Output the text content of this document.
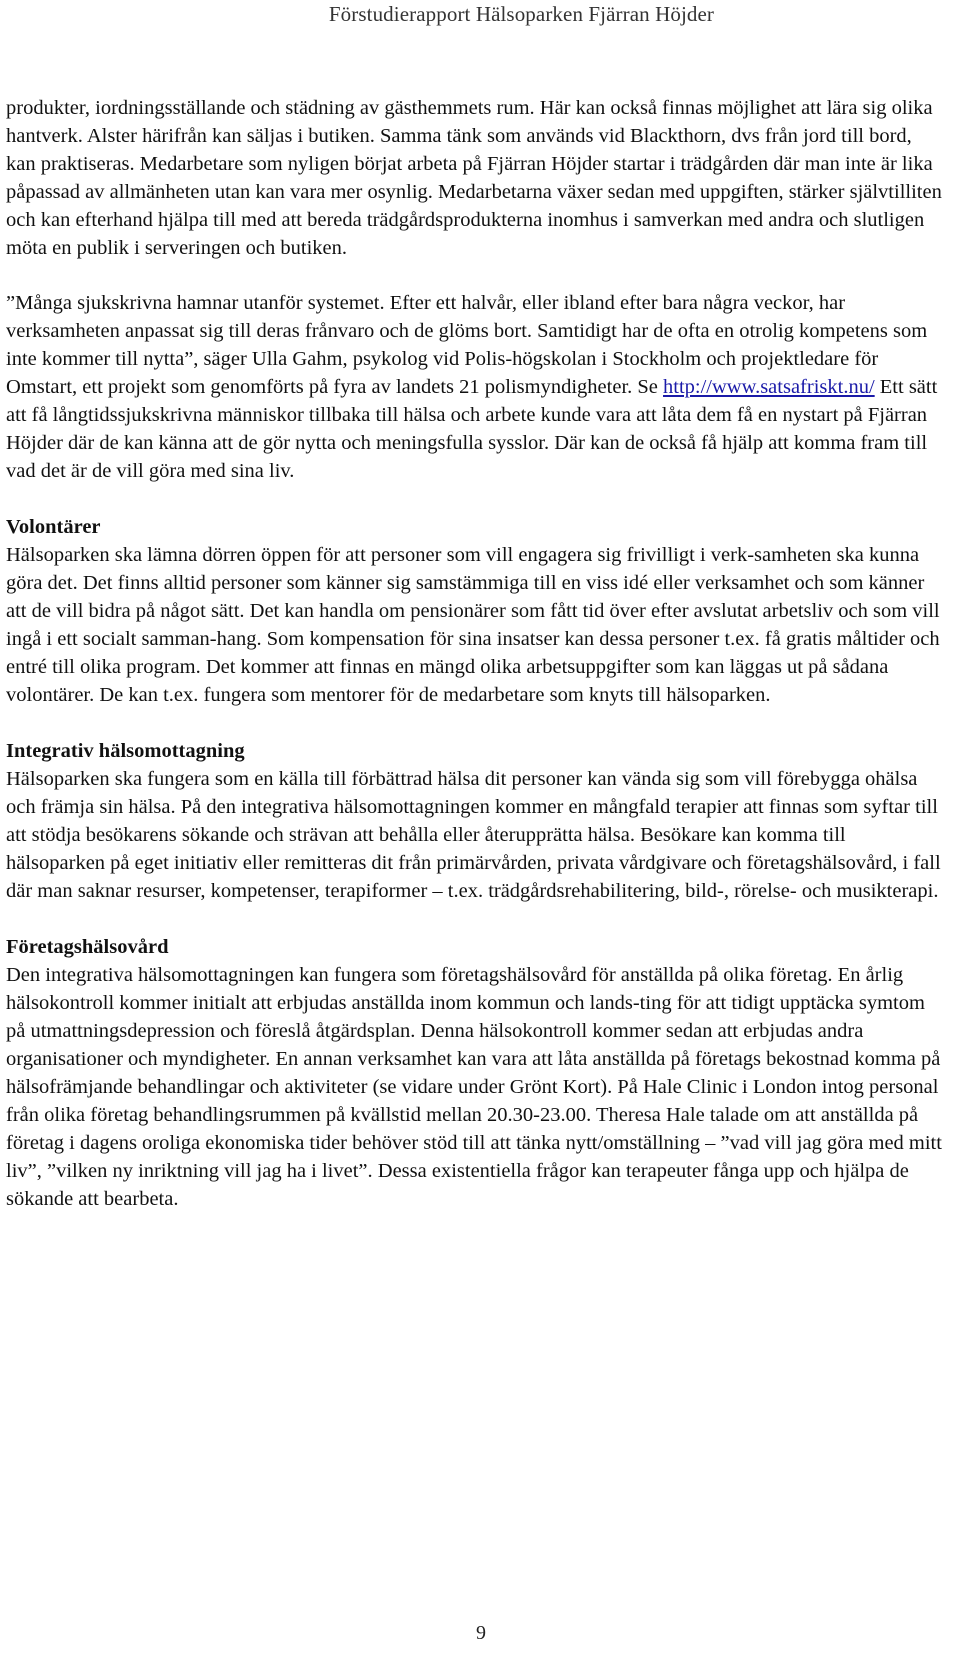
Förstudierapport Hälsoparken Fjärran Höjder

produkter, iordningsställande och städning av gästhemmets rum. Här kan också finnas möjlighet att lära sig olika hantverk. Alster härifrån kan säljas i butiken. Samma tänk som används vid Blackthorn, dvs från jord till bord, kan praktiseras. Medarbetare som nyligen börjat arbeta på Fjärran Höjder startar i trädgården där man inte är lika påpassad av allmänheten utan kan vara mer osynlig. Medarbetarna växer sedan med uppgiften, stärker självtilliten och kan efterhand hjälpa till med att bereda trädgårdsprodukterna inomhus i samverkan med andra och slutligen möta en publik i serveringen och butiken.

”Många sjukskrivna hamnar utanför systemet. Efter ett halvår, eller ibland efter bara några veckor, har verksamheten anpassat sig till deras frånvaro och de glöms bort. Samtidigt har de ofta en otrolig kompetens som inte kommer till nytta”, säger Ulla Gahm, psykolog vid Polis-högskolan i Stockholm och projektledare för Omstart, ett projekt som genomförts på fyra av landets 21 polismyndigheter. Se http://www.satsafriskt.nu/ Ett sätt att få långtidssjukskrivna människor tillbaka till hälsa och arbete kunde vara att låta dem få en nystart på Fjärran Höjder där de kan känna att de gör nytta och meningsfulla sysslor. Där kan de också få hjälp att komma fram till vad det är de vill göra med sina liv.

Volontärer

Hälsoparken ska lämna dörren öppen för att personer som vill engagera sig frivilligt i verk-samheten ska kunna göra det. Det finns alltid personer som känner sig samstämmiga till en viss idé eller verksamhet och som känner att de vill bidra på något sätt. Det kan handla om pensionärer som fått tid över efter avslutat arbetsliv och som vill ingå i ett socialt samman-hang. Som kompensation för sina insatser kan dessa personer t.ex. få gratis måltider och entré till olika program. Det kommer att finnas en mängd olika arbetsuppgifter som kan läggas ut på sådana volontärer. De kan t.ex. fungera som mentorer för de medarbetare som knyts till hälsoparken.

Integrativ hälsomottagning

Hälsoparken ska fungera som en källa till förbättrad hälsa dit personer kan vända sig som vill förebygga ohälsa och främja sin hälsa. På den integrativa hälsomottagningen kommer en mångfald terapier att finnas som syftar till att stödja besökarens sökande och strävan att behålla eller återupprätta hälsa. Besökare kan komma till hälsoparken på eget initiativ eller remitteras dit från primärvården, privata vårdgivare och företagshälsovård, i fall där man saknar resurser, kompetenser, terapiformer – t.ex. trädgårdsrehabilitering, bild-, rörelse- och musikterapi.

Företagshälsovård

Den integrativa hälsomottagningen kan fungera som företagshälsovård för anställda på olika företag. En årlig hälsokontroll kommer initialt att erbjudas anställda inom kommun och lands-ting för att tidigt upptäcka symtom på utmattningsdepression och föreslå åtgärdsplan. Denna hälsokontroll kommer sedan att erbjudas andra organisationer och myndigheter. En annan verksamhet kan vara att låta anställda på företags bekostnad komma på hälsofrämjande behandlingar och aktiviteter (se vidare under Grönt Kort). På Hale Clinic i London intog personal från olika företag behandlingsrummen på kvällstid mellan 20.30-23.00. Theresa Hale talade om att anställda på företag i dagens oroliga ekonomiska tider behöver stöd till att tänka nytt/omställning – ”vad vill jag göra med mitt liv”, ”vilken ny inriktning vill jag ha i livet”. Dessa existentiella frågor kan terapeuter fånga upp och hjälpa de sökande att bearbeta.

9
